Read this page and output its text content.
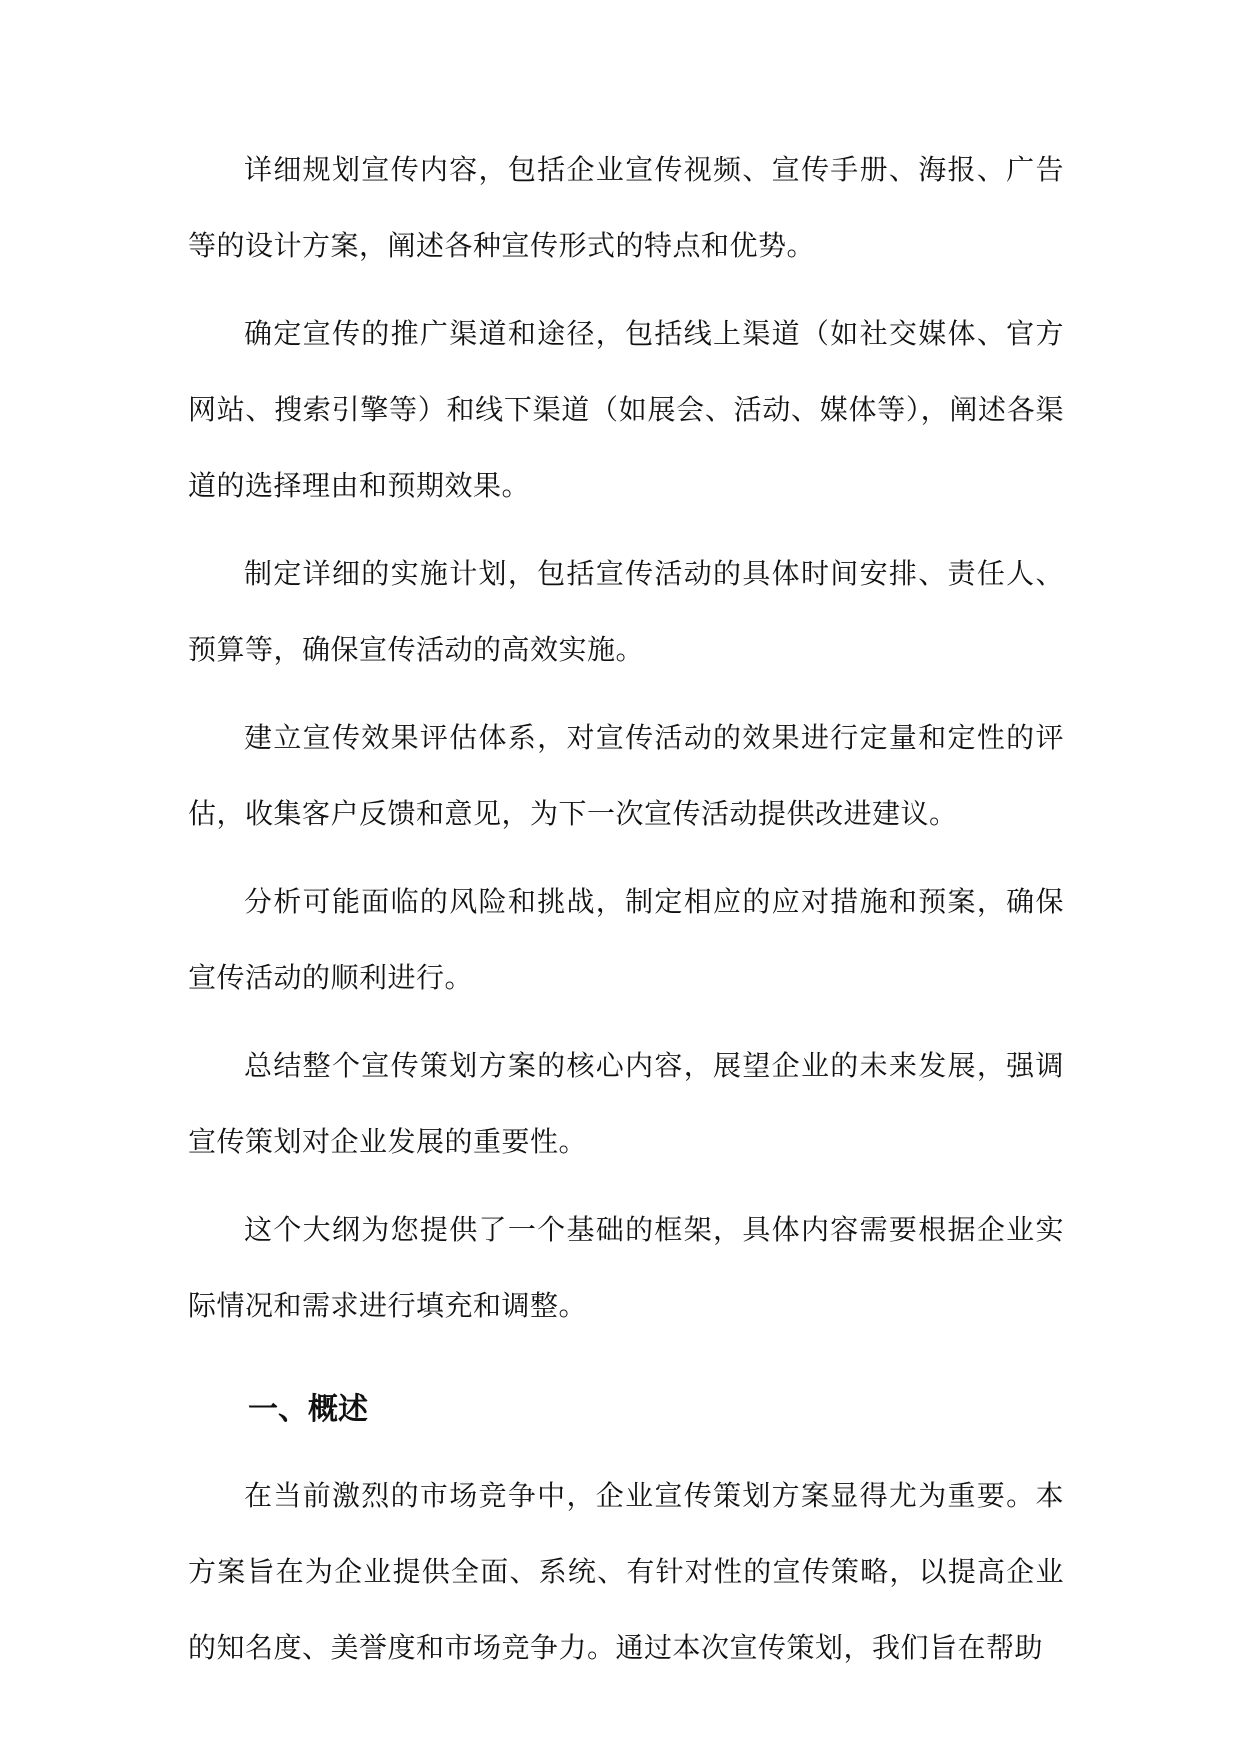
详细规划宣传内容，包括企业宣传视频、宣传手册、海报、广告等的设计方案，阐述各种宣传形式的特点和优势。

确定宣传的推广渠道和途径，包括线上渠道（如社交媒体、官方网站、搜索引擎等）和线下渠道（如展会、活动、媒体等），阐述各渠道的选择理由和预期效果。

制定详细的实施计划，包括宣传活动的具体时间安排、责任人、预算等，确保宣传活动的高效实施。

建立宣传效果评估体系，对宣传活动的效果进行定量和定性的评估，收集客户反馈和意见，为下一次宣传活动提供改进建议。

分析可能面临的风险和挑战，制定相应的应对措施和预案，确保宣传活动的顺利进行。

总结整个宣传策划方案的核心内容，展望企业的未来发展，强调宣传策划对企业发展的重要性。

这个大纲为您提供了一个基础的框架，具体内容需要根据企业实际情况和需求进行填充和调整。

一、概述

在当前激烈的市场竞争中，企业宣传策划方案显得尤为重要。本方案旨在为企业提供全面、系统、有针对性的宣传策略，以提高企业的知名度、美誉度和市场竞争力。通过本次宣传策划，我们旨在帮助
